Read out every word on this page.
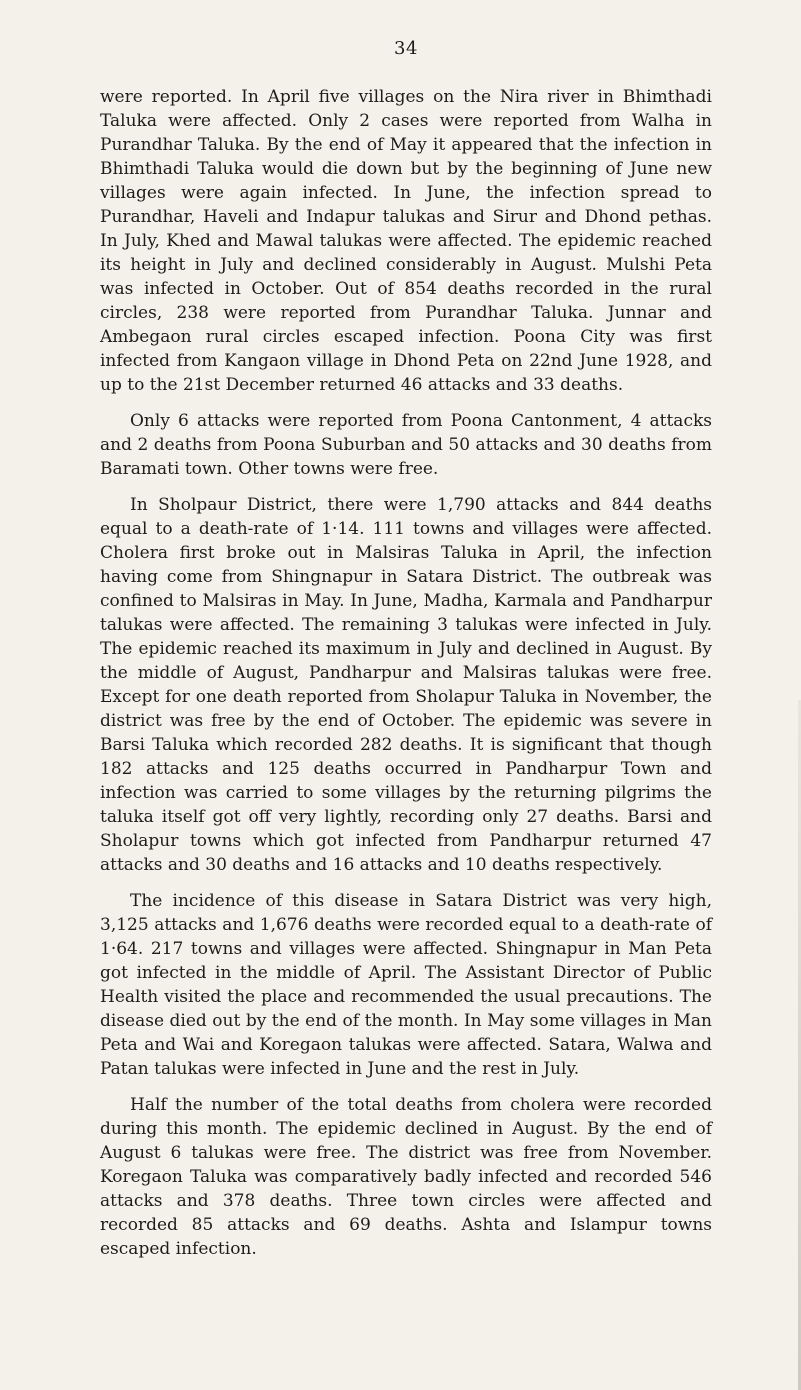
34

were reported. In April five villages on the Nira river in Bhimthadi Taluka were affected. Only 2 cases were reported from Walha in Purandhar Taluka. By the end of May it appeared that the infection in Bhimthadi Taluka would die down but by the beginning of June new villages were again infected. In June, the infection spread to Purandhar, Haveli and Indapur talukas and Sirur and Dhond pethas. In July, Khed and Mawal talukas were affected. The epidemic reached its height in July and declined considerably in August. Mulshi Peta was infected in October. Out of 854 deaths recorded in the rural circles, 238 were reported from Purandhar Taluka. Junnar and Ambegaon rural circles escaped infection. Poona City was first infected from Kangaon village in Dhond Peta on 22nd June 1928, and up to the 21st December returned 46 attacks and 33 deaths.

Only 6 attacks were reported from Poona Cantonment, 4 attacks and 2 deaths from Poona Suburban and 50 attacks and 30 deaths from Baramati town. Other towns were free.

In Sholpaur District, there were 1,790 attacks and 844 deaths equal to a death-rate of 1·14. 111 towns and villages were affected. Cholera first broke out in Malsiras Taluka in April, the infection having come from Shingnapur in Satara District. The outbreak was confined to Malsiras in May. In June, Madha, Karmala and Pandharpur talukas were affected. The remaining 3 talukas were infected in July. The epidemic reached its maximum in July and declined in August. By the middle of August, Pandharpur and Malsiras talukas were free. Except for one death reported from Sholapur Taluka in November, the district was free by the end of October. The epidemic was severe in Barsi Taluka which recorded 282 deaths. It is significant that though 182 attacks and 125 deaths occurred in Pandharpur Town and infection was carried to some villages by the returning pilgrims the taluka itself got off very lightly, recording only 27 deaths. Barsi and Sholapur towns which got infected from Pandharpur returned 47 attacks and 30 deaths and 16 attacks and 10 deaths respectively.

The incidence of this disease in Satara District was very high, 3,125 attacks and 1,676 deaths were recorded equal to a death-rate of 1·64. 217 towns and villages were affected. Shingnapur in Man Peta got infected in the middle of April. The Assistant Director of Public Health visited the place and recommended the usual precautions. The disease died out by the end of the month. In May some villages in Man Peta and Wai and Koregaon talukas were affected. Satara, Walwa and Patan talukas were infected in June and the rest in July.

Half the number of the total deaths from cholera were recorded during this month. The epidemic declined in August. By the end of August 6 talukas were free. The district was free from November. Koregaon Taluka was comparatively badly infected and recorded 546 attacks and 378 deaths. Three town circles were affected and recorded 85 attacks and 69 deaths. Ashta and Islampur towns escaped infection.
